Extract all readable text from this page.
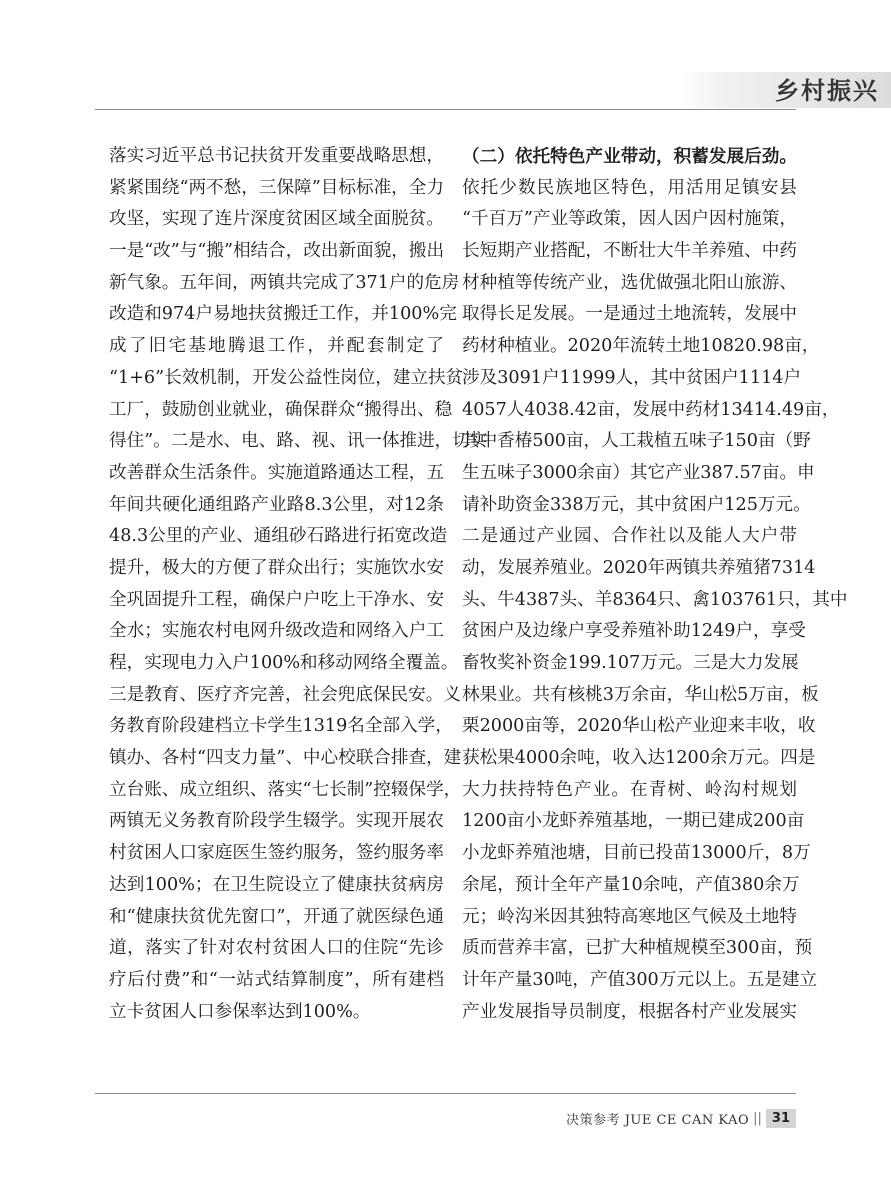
乡村振兴
落实习近平总书记扶贫开发重要战略思想，
紧紧围绕“两不愁，三保障”目标标准，全力
攻坚，实现了连片深度贫困区域全面脱贫。
一是“改”与“搬”相结合，改出新面貌，搬出
新气象。五年间，两镇共完成了371户的危房
改造和974户易地扶贫搬迁工作，并100%完
成了旧宅基地腾退工作，并配套制定了
“1+6”长效机制，开发公益性岗位，建立扶贫
工厂，鼓励创业就业，确保群众“搬得出、稳
得住”。二是水、电、路、视、讯一体推进，切实
改善群众生活条件。实施道路通达工程，五
年间共硬化通组路产业路8.3公里，对12条
48.3公里的产业、通组砂石路进行拓宽改造
提升，极大的方便了群众出行；实施饮水安
全巩固提升工程，确保户户吃上干净水、安
全水；实施农村电网升级改造和网络入户工
程，实现电力入户100%和移动网络全覆盖。
三是教育、医疗齐完善，社会兜底保民安。义
务教育阶段建档立卡学生1319名全部入学，
镇办、各村“四支力量”、中心校联合排查，建
立台账、成立组织、落实“七长制”控辍保学，
两镇无义务教育阶段学生辍学。实现开展农
村贫困人口家庭医生签约服务，签约服务率
达到100%；在卫生院设立了健康扶贫病房
和“健康扶贫优先窗口”，开通了就医绿色通
道，落实了针对农村贫困人口的住院“先诊
疗后付费”和“一站式结算制度”，所有建档
立卡贫困人口参保率达到100%。
（二）依托特色产业带动，积蓄发展后劲。
依托少数民族地区特色，用活用足镇安县
“千百万”产业等政策，因人因户因村施策，
长短期产业搭配，不断壮大牛羊养殖、中药
材种植等传统产业，选优做强北阳山旅游、
取得长足发展。一是通过土地流转，发展中
药材种植业。2020年流转土地10820.98亩，
涉及3091户11999人，其中贫困户1114户
4057人4038.42亩，发展中药材13414.49亩，
其中香椿500亩，人工栽植五味子150亩（野
生五味子3000余亩）其它产业387.57亩。申
请补助资金338万元，其中贫困户125万元。
二是通过产业园、合作社以及能人大户带
动，发展养殖业。2020年两镇共养殖猪7314
头、牛4387头、羊8364只、禽103761只，其中
贫困户及边缘户享受养殖补助1249户，享受
畜牧奖补资金199.107万元。三是大力发展
林果业。共有核桃3万余亩，华山松5万亩，板
栗2000亩等，2020华山松产业迎来丰收，收
获松果4000余吨，收入达1200余万元。四是
大力扶持特色产业。在青树、岭沟村规划
1200亩小龙虾养殖基地，一期已建成200亩
小龙虾养殖池塘，目前已投苗13000斤，8万
余尾，预计全年产量10余吨，产值380余万
元；岭沟米因其独特高寒地区气候及土地特
质而营养丰富，已扩大种植规模至300亩，预
计年产量30吨，产值300万元以上。五是建立
产业发展指导员制度，根据各村产业发展实
决策参考 JUE CE CAN KAO || 31
